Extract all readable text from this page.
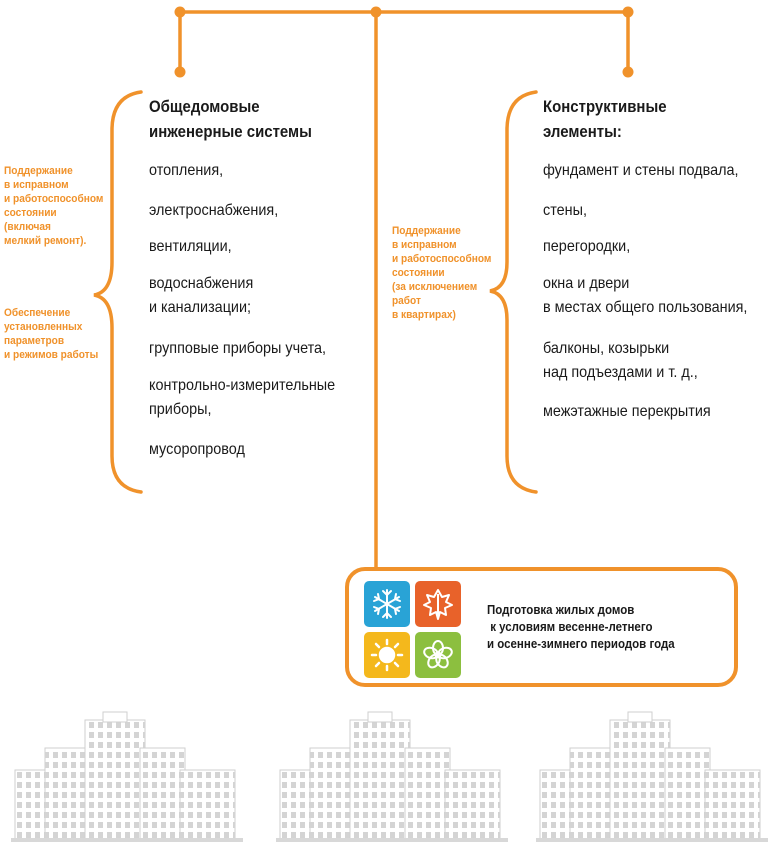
Общедомовые
инженерные системы
отопления,
электроснабжения,
вентиляции,
водоснабжения
и канализации;
групповые приборы учета,
контрольно-измерительные
приборы,
мусоропровод
Поддержание
в исправном
и работоспособном
состоянии
(включая
мелкий ремонт).
Обеспечение
установленных
параметров
и режимов работы
Конструктивные
элементы:
фундамент и стены подвала,
стены,
перегородки,
окна и двери
в местах общего пользования,
балконы, козырьки
над подъездами и т. д.,
межэтажные перекрытия
Поддержание
в исправном
и работоспособном
состоянии
(за исключением
работ
в квартирах)
Подготовка жилых домов
к условиям весенне-летнего
и осенне-зимнего периодов года
